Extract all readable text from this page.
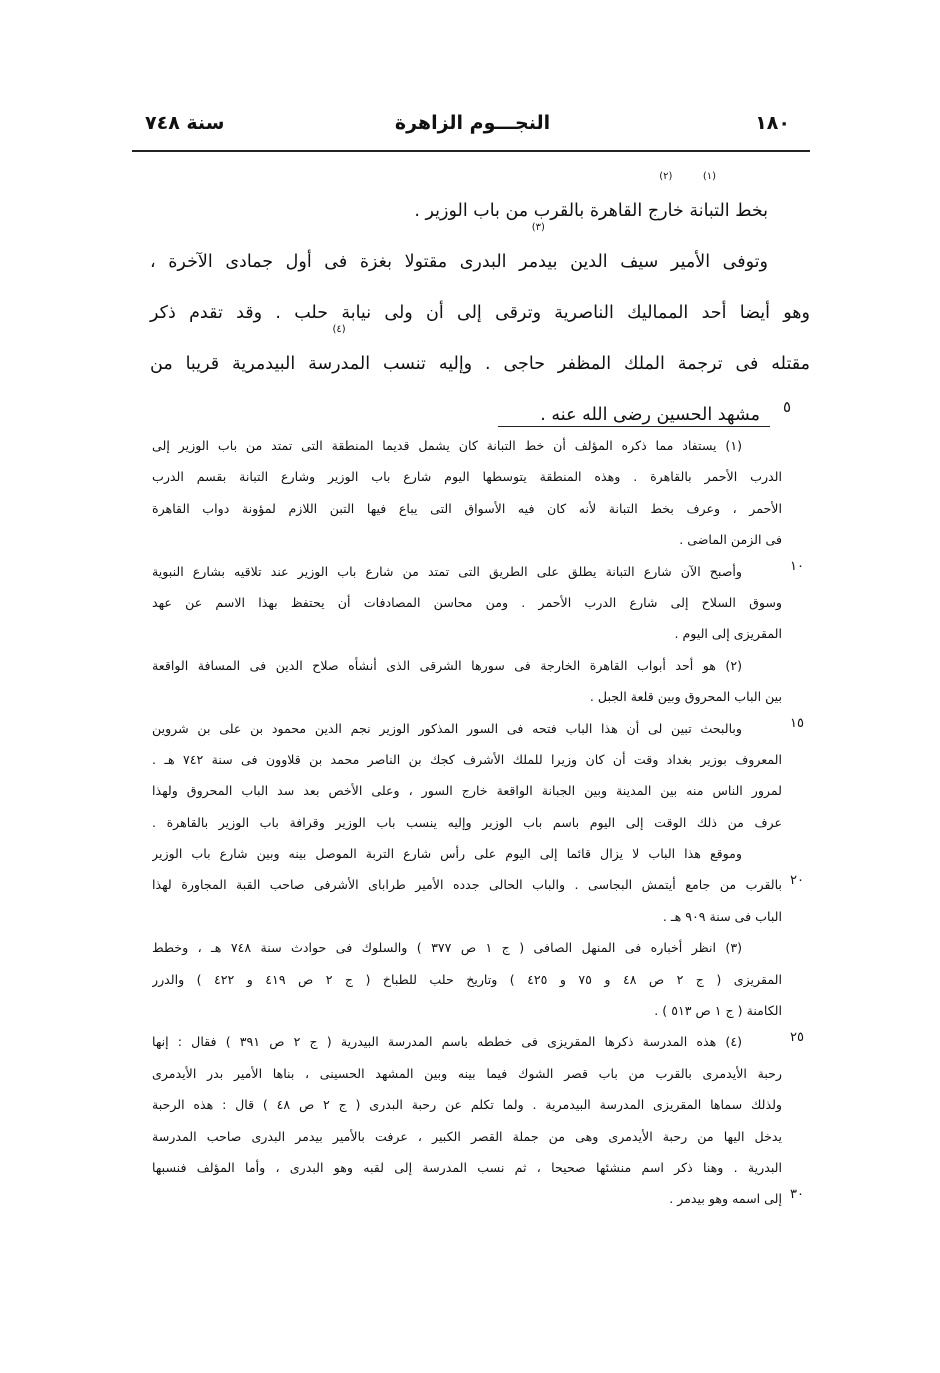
١٨٠
النجـــوم الزاهرة
سنة ٧٤٨
بخط
(١)
التبانة
(٢)
خارج القاهرة بالقرب من باب الوزير .
وتوفى الأمير سيف الدين
(٣)
بيدمر البدرى مقتولا بغزة فى أول جمادى الآخرة ،
وهو أيضا أحد المماليك الناصرية وترقى إلى أن ولى نيابة حلب . وقد تقدم ذكر
مقتله فى ترجمة الملك المظفر حاجى . وإليه تنسب
(٤)
المدرسة البيدمرية قريبا من
مشهد الحسين رضى الله عنه .	٥
(١) يستفاد مما ذكره المؤلف أن خط التبانة كان يشمل قديما المنطقة التى تمتد من باب الوزير إلى
الدرب الأحمر بالقاهرة . وهذه المنطقة يتوسطها اليوم شارع باب الوزير وشارع التبانة بقسم الدرب
الأحمر ، وعرف بخط التبانة لأنه كان فيه الأسواق التى يباع فيها التبن اللازم لمؤونة دواب القاهرة
فى الزمن الماضى .
وأصبح الآن شارع التبانة يطلق على الطريق التى تمتد من شارع باب الوزير عند تلاقيه بشارع النبوية
وسوق السلاح إلى شارع الدرب الأحمر . ومن محاسن المصادفات أن يحتفظ بهذا الاسم عن عهد
المقريزى إلى اليوم .
(٢) هو أحد أبواب القاهرة الخارجة فى سورها الشرقى الذى أنشأه صلاح الدين فى المسافة الواقعة
بين الباب المحروق وبين قلعة الجبل .
وبالبحث تبين لى أن هذا الباب فتحه فى السور المذكور الوزير نجم الدين محمود بن على بن شروين
المعروف بوزير بغداد وقت أن كان وزيرا للملك الأشرف كجك بن الناصر محمد بن قلاوون فى سنة ٧٤٢ هـ .
لمرور الناس منه بين المدينة وبين الجبانة الواقعة خارج السور ، وعلى الأخص بعد سد الباب المحروق ولهذا
عرف من ذلك الوقت إلى اليوم باسم باب الوزير وإليه ينسب باب الوزير وقرافة باب الوزير بالقاهرة .
وموقع هذا الباب لا يزال قائما إلى اليوم على رأس شارع التربة الموصل بينه وبين شارع باب الوزير
بالقرب من جامع أيتمش البجاسى . والباب الحالى جدده الأمير طراباى الأشرفى صاحب القبة المجاورة لهذا
الباب فى سنة ٩٠٩ هـ .
(٣) انظر أخباره فى المنهل الصافى ( ج ١ ص ٣٧٧ ) والسلوك فى حوادث سنة ٧٤٨ هـ ، وخطط
المقريزى ( ج ٢ ص ٤٨ و ٧٥ و ٤٢٥ ) وتاريخ حلب للطباخ ( ج ٢ ص ٤١٩ و ٤٢٢ ) والدرر
الكامنة ( ج ١ ص ٥١٣ ) .
(٤) هذه المدرسة ذكرها المقريزى فى خططه باسم المدرسة البيدرية ( ج ٢ ص ٣٩١ ) فقال : إنها
رحبة الأيدمرى بالقرب من باب قصر الشوك فيما بينه وبين المشهد الحسينى ، بناها الأمير بدر الأيدمرى
ولذلك سماها المقريزى المدرسة البيدمرية . ولما تكلم عن رحبة البدرى ( ج ٢ ص ٤٨ ) قال : هذه الرحبة
يدخل اليها من رحبة الأيدمرى وهى من جملة القصر الكبير ، عرفت بالأمير بيدمر البدرى صاحب المدرسة
البدرية . وهنا ذكر اسم منشئها صحيحا ، ثم نسب المدرسة إلى لقبه وهو البدرى ، وأما المؤلف فنسبها
إلى اسمه وهو بيدمر .
١٠
١٥
٢٠
٢٥
٣٠
